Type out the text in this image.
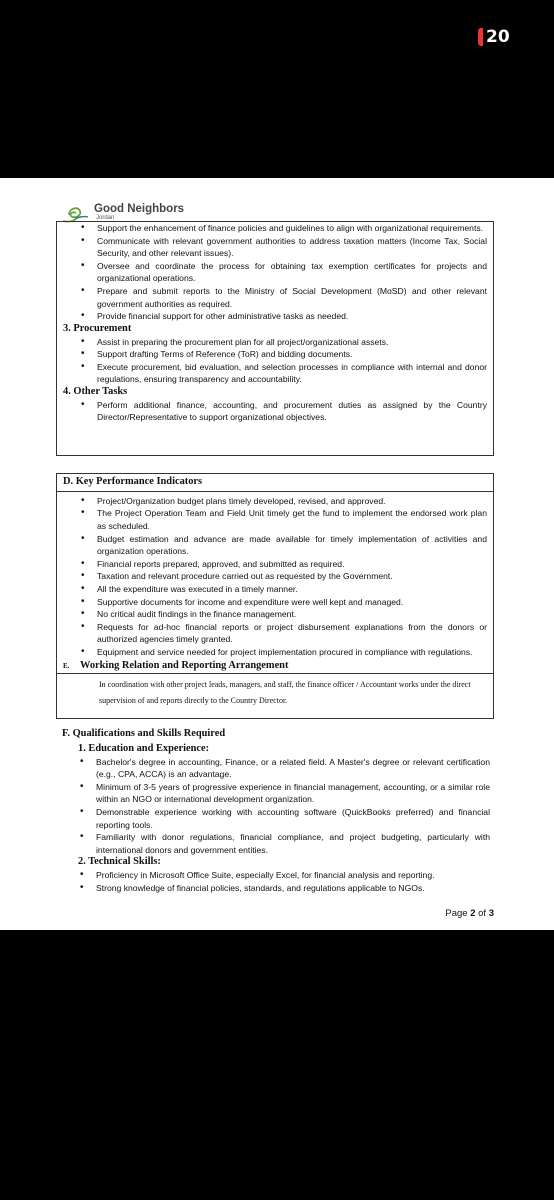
20
Good Neighbors
Jordan
• Support the enhancement of finance policies and guidelines to align with organizational requirements.
• Communicate with relevant government authorities to address taxation matters (Income Tax, Social Security, and other relevant issues).
• Oversee and coordinate the process for obtaining tax exemption certificates for projects and organizational operations.
• Prepare and submit reports to the Ministry of Social Development (MoSD) and other relevant government authorities as required.
• Provide financial support for other administrative tasks as needed.
3. Procurement
• Assist in preparing the procurement plan for all project/organizational assets.
• Support drafting Terms of Reference (ToR) and bidding documents.
• Execute procurement, bid evaluation, and selection processes in compliance with internal and donor regulations, ensuring transparency and accountability.
4. Other Tasks
• Perform additional finance, accounting, and procurement duties as assigned by the Country Director/Representative to support organizational objectives.
D. Key Performance Indicators
• Project/Organization budget plans timely developed, revised, and approved.
• The Project Operation Team and Field Unit timely get the fund to implement the endorsed work plan as scheduled.
• Budget estimation and advance are made available for timely implementation of activities and organization operations.
• Financial reports prepared, approved, and submitted as required.
• Taxation and relevant procedure carried out as requested by the Government.
• All the expenditure was executed in a timely manner.
• Supportive documents for income and expenditure were well kept and managed.
• No critical audit findings in the finance management.
• Requests for ad-hoc financial reports or project disbursement explanations from the donors or authorized agencies timely granted.
• Equipment and service needed for project implementation procured in compliance with regulations.
E. Working Relation and Reporting Arrangement
In coordination with other project leads, managers, and staff, the finance officer / Accountant works under the direct supervision of and reports directly to the Country Director.
F. Qualifications and Skills Required
1. Education and Experience:
• Bachelor's degree in accounting, Finance, or a related field. A Master's degree or relevant certification (e.g., CPA, ACCA) is an advantage.
• Minimum of 3-5 years of progressive experience in financial management, accounting, or a similar role within an NGO or international development organization.
• Demonstrable experience working with accounting software (QuickBooks preferred) and financial reporting tools.
• Familiarity with donor regulations, financial compliance, and project budgeting, particularly with international donors and government entities.
2. Technical Skills:
• Proficiency in Microsoft Office Suite, especially Excel, for financial analysis and reporting.
• Strong knowledge of financial policies, standards, and regulations applicable to NGOs.
Page 2 of 3
